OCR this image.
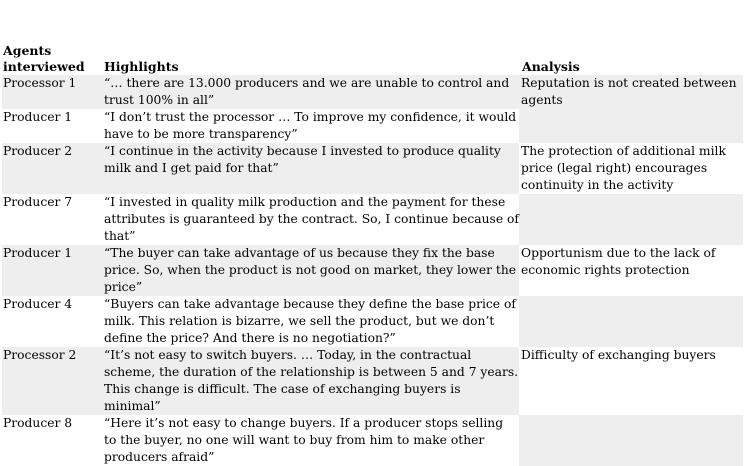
Agents interviewed	Highlights	Analysis
Processor 1	“… there are 13.000 producers and we are unable to control and trust 100% in all”	Reputation is not created between agents
Producer 1	“I don’t trust the processor … To improve my confidence, it would have to be more transparency”	
Producer 2	“I continue in the activity because I invested to produce quality milk and I get paid for that”	The protection of additional milk price (legal right) encourages continuity in the activity
Producer 7	“I invested in quality milk production and the payment for these attributes is guaranteed by the contract. So, I continue because of that”	
Producer 1	“The buyer can take advantage of us because they fix the base price. So, when the product is not good on market, they lower the price”	Opportunism due to the lack of economic rights protection
Producer 4	“Buyers can take advantage because they define the base price of milk. This relation is bizarre, we sell the product, but we don’t define the price? And there is no negotiation?”	
Processor 2	“It’s not easy to switch buyers. … Today, in the contractual scheme, the duration of the relationship is between 5 and 7 years. This change is difficult. The case of exchanging buyers is minimal”	Difficulty of exchanging buyers
Producer 8	“Here it’s not easy to change buyers. If a producer stops selling to the buyer, no one will want to buy from him to make other producers afraid”	
